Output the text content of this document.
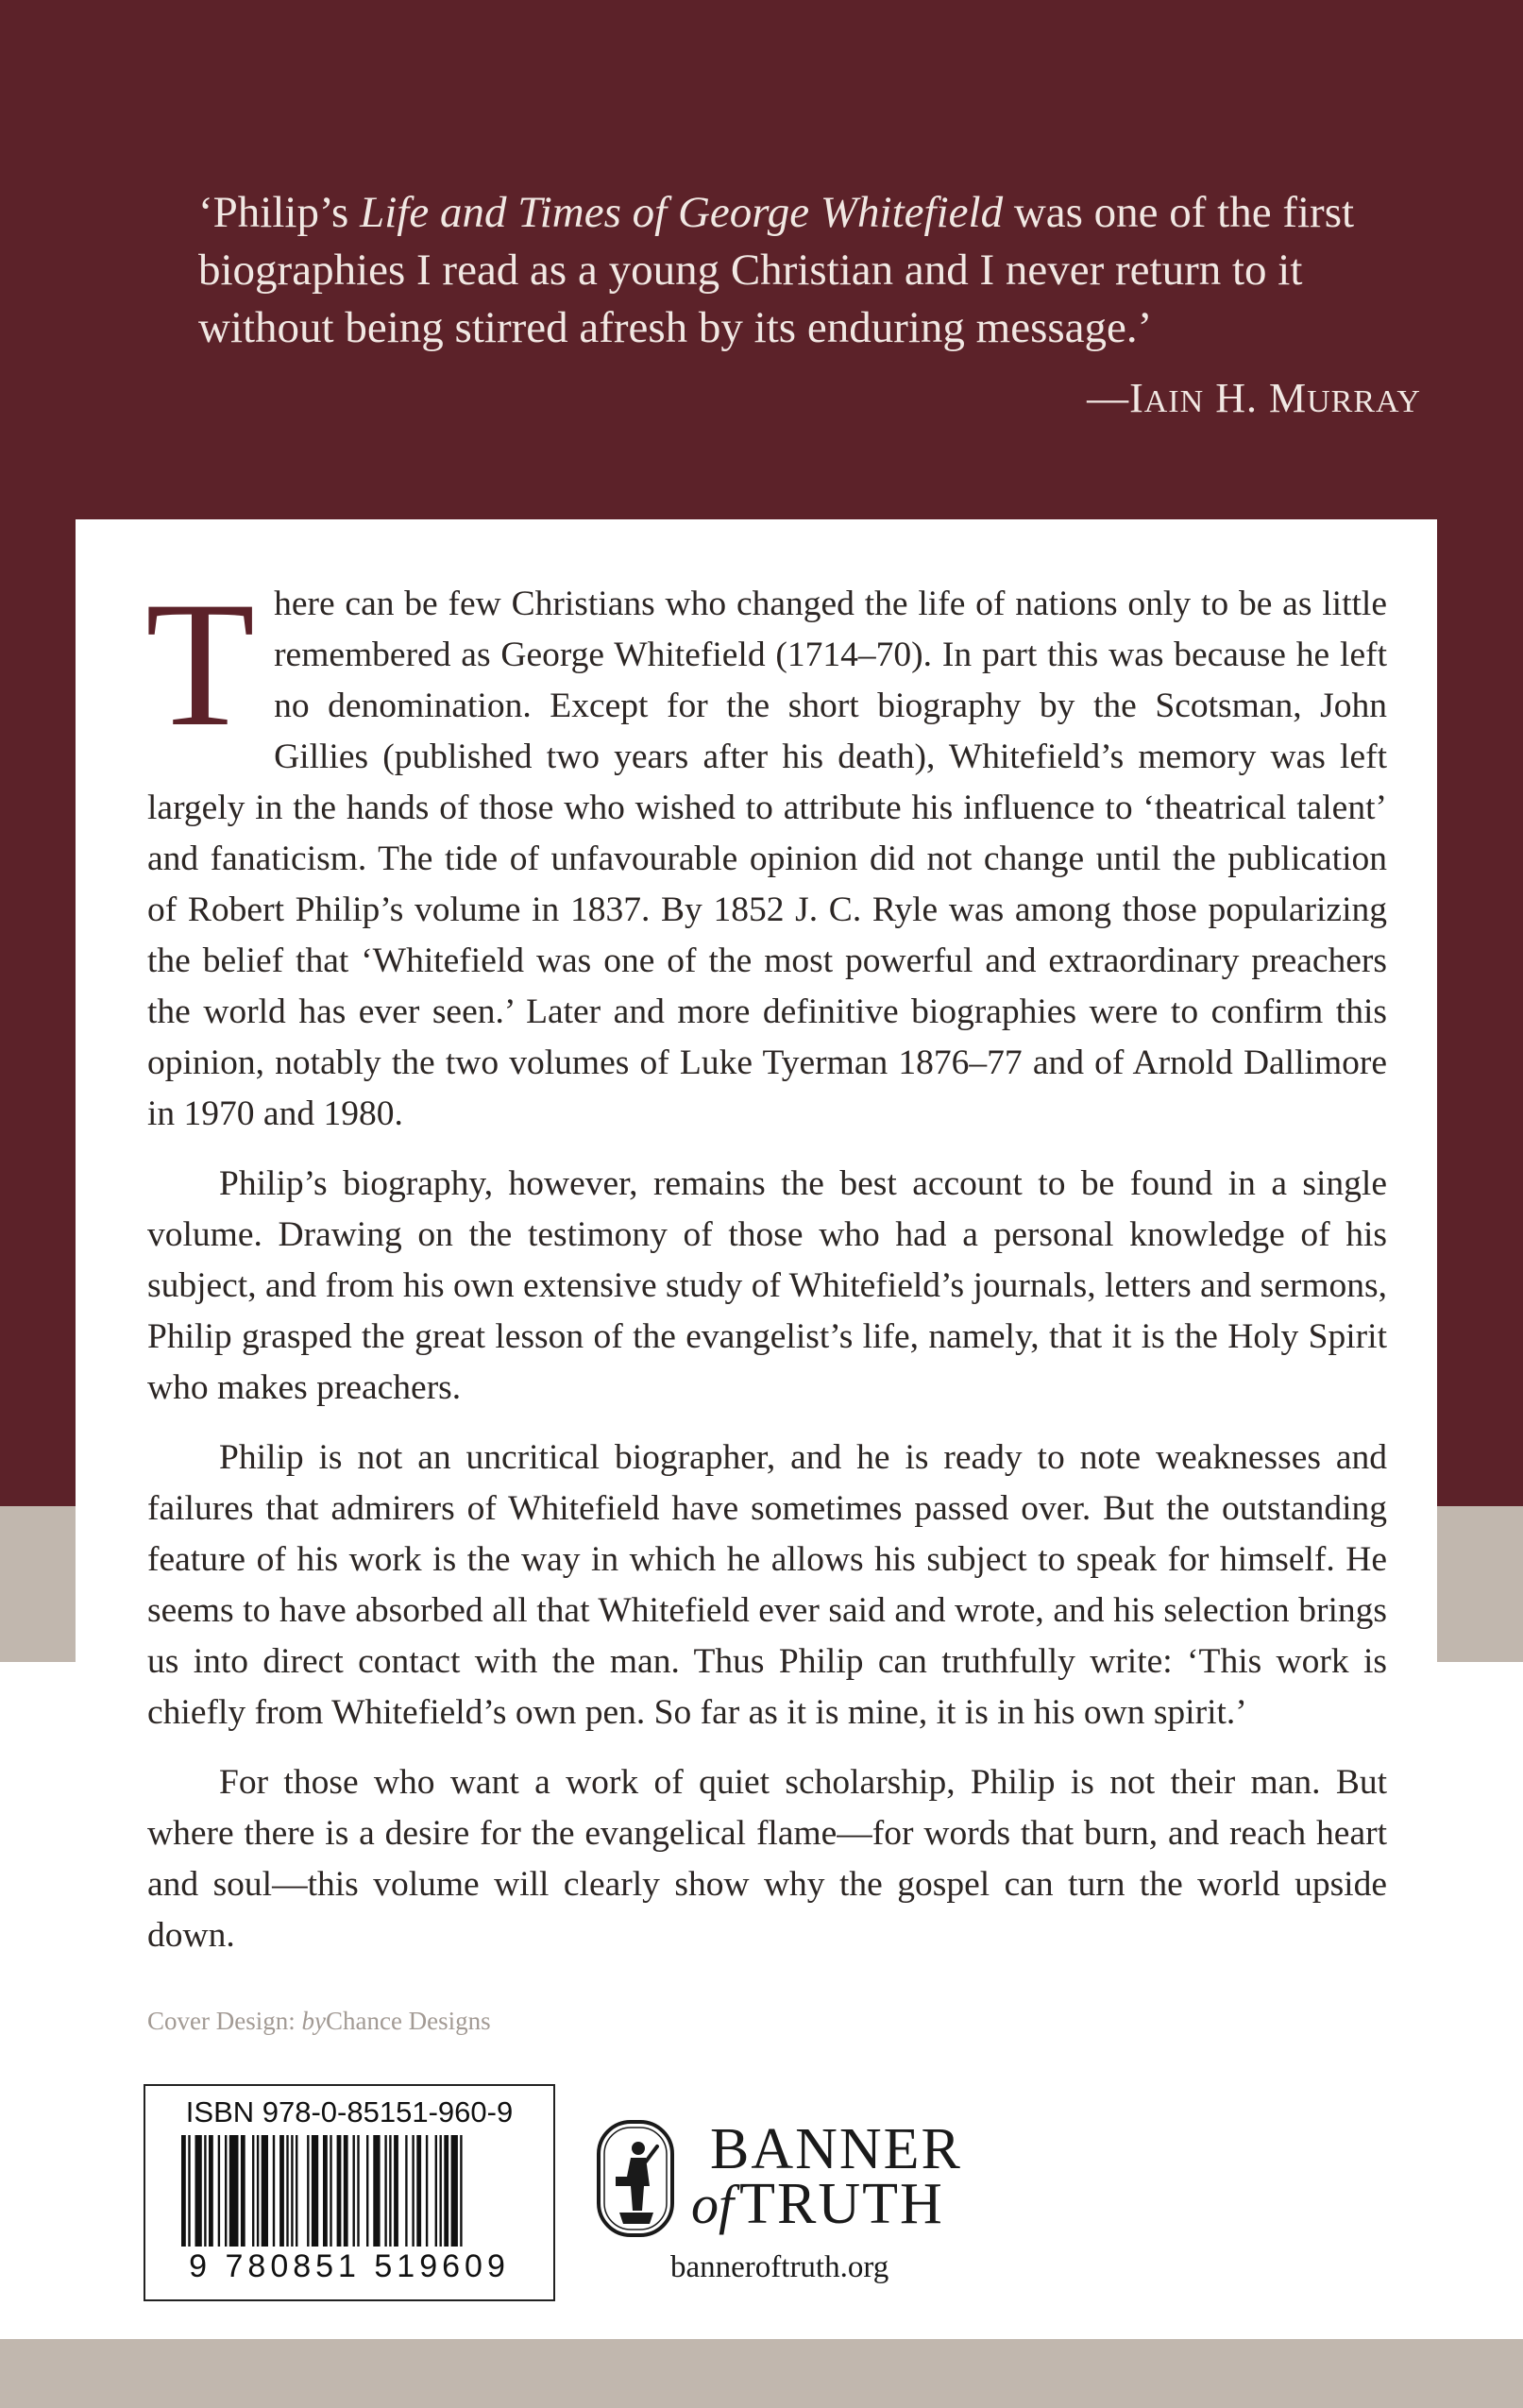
‘Philip’s Life and Times of George Whitefield was one of the first
biographies I read as a young Christian and I never return to it
without being stirred afresh by its enduring message.’

—IAIN H. MURRAY

There can be few Christians who changed the life of nations only to be as little remembered as George Whitefield (1714–70). In part this was because he left no denomination. Except for the short biography by the Scotsman, John Gillies (published two years after his death), Whitefield’s memory was left largely in the hands of those who wished to attribute his influence to ‘theatrical talent’ and fanaticism. The tide of unfavourable opinion did not change until the publication of Robert Philip’s volume in 1837. By 1852 J. C. Ryle was among those popularizing the belief that ‘Whitefield was one of the most powerful and extraordinary preachers the world has ever seen.’ Later and more definitive biographies were to confirm this opinion, notably the two volumes of Luke Tyerman 1876–77 and of Arnold Dallimore in 1970 and 1980.

Philip’s biography, however, remains the best account to be found in a single volume. Drawing on the testimony of those who had a personal knowledge of his subject, and from his own extensive study of Whitefield’s journals, letters and sermons, Philip grasped the great lesson of the evangelist’s life, namely, that it is the Holy Spirit who makes preachers.

Philip is not an uncritical biographer, and he is ready to note weaknesses and failures that admirers of Whitefield have sometimes passed over. But the outstanding feature of his work is the way in which he allows his subject to speak for himself. He seems to have absorbed all that Whitefield ever said and wrote, and his selection brings us into direct contact with the man. Thus Philip can truthfully write: ‘This work is chiefly from Whitefield’s own pen. So far as it is mine, it is in his own spirit.’

For those who want a work of quiet scholarship, Philip is not their man. But where there is a desire for the evangelical flame—for words that burn, and reach heart and soul—this volume will clearly show why the gospel can turn the world upside down.

Cover Design: byChance Designs
ISBN 978-0-85151-960-9
9 780851 519609
BANNER
ofTRUTH
banneroftruth.org
